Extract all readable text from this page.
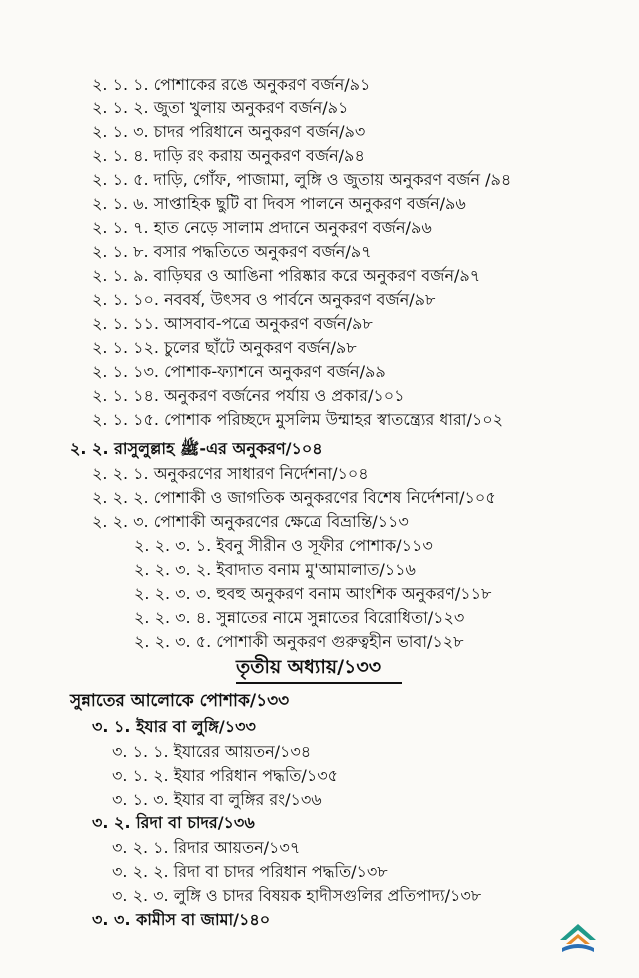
২. ১. ১. পোশাকের রঙে অনুকরণ বর্জন/৯১
২. ১. ২. জুতা খুলায় অনুকরণ বর্জন/৯১
২. ১. ৩. চাদর পরিধানে অনুকরণ বর্জন/৯৩
২. ১. ৪. দাড়ি রং করায় অনুকরণ বর্জন/৯৪
২. ১. ৫. দাড়ি, গোঁফ, পাজামা, লুঙ্গি ও জুতায় অনুকরণ বর্জন /৯৪
২. ১. ৬. সাপ্তাহিক ছুটি বা দিবস পালনে অনুকরণ বর্জন/৯৬
২. ১. ৭. হাত নেড়ে সালাম প্রদানে অনুকরণ বর্জন/৯৬
২. ১. ৮. বসার পদ্ধতিতে অনুকরণ বর্জন/৯৭
২. ১. ৯. বাড়িঘর ও আঙিনা পরিষ্কার করে অনুকরণ বর্জন/৯৭
২. ১. ১০. নববর্ষ, উৎসব ও পার্বনে অনুকরণ বর্জন/৯৮
২. ১. ১১. আসবাব-পত্রে অনুকরণ বর্জন/৯৮
২. ১. ১২. চুলের ছাঁটে অনুকরণ বর্জন/৯৮
২. ১. ১৩. পোশাক-ফ্যাশনে অনুকরণ বর্জন/৯৯
২. ১. ১৪. অনুকরণ বর্জনের পর্যায় ও প্রকার/১০১
২. ১. ১৫. পোশাক পরিচ্ছদে মুসলিম উম্মাহর স্বাতন্ত্র্যের ধারা/১০২
২. ২. রাসুলুল্লাহ ﷺ-এর অনুকরণ/১০৪
২. ২. ১. অনুকরণের সাধারণ নির্দেশনা/১০৪
২. ২. ২. পোশাকী ও জাগতিক অনুকরণের বিশেষ নির্দেশনা/১০৫
২. ২. ৩. পোশাকী অনুকরণের ক্ষেত্রে বিভ্রান্তি/১১৩
২. ২. ৩. ১. ইবনু সীরীন ও সূফীর পোশাক/১১৩
২. ২. ৩. ২. ইবাদাত বনাম মু'আমালাত/১১৬
২. ২. ৩. ৩. হুবহু অনুকরণ বনাম আংশিক অনুকরণ/১১৮
২. ২. ৩. ৪. সুন্নাতের নামে সুন্নাতের বিরোধিতা/১২৩
২. ২. ৩. ৫. পোশাকী অনুকরণ গুরুত্বহীন ভাবা/১২৮
তৃতীয় অধ্যায়/১৩৩
সুন্নাতের আলোকে পোশাক/১৩৩
৩. ১. ইযার বা লুঙ্গি/১৩৩
৩. ১. ১. ইযারের আয়তন/১৩৪
৩. ১. ২. ইযার পরিধান পদ্ধতি/১৩৫
৩. ১. ৩. ইযার বা লুঙ্গির রং/১৩৬
৩. ২. রিদা বা চাদর/১৩৬
৩. ২. ১. রিদার আয়তন/১৩৭
৩. ২. ২. রিদা বা চাদর পরিধান পদ্ধতি/১৩৮
৩. ২. ৩. লুঙ্গি ও চাদর বিষয়ক হাদীসগুলির প্রতিপাদ্য/১৩৮
৩. ৩. কামীস বা জামা/১৪০
